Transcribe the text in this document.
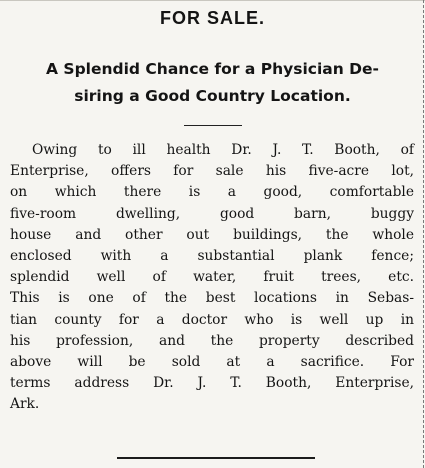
FOR SALE.
A Splendid Chance for a Physician De-
siring a Good Country Location.
Owing to ill health Dr. J. T. Booth, of
Enterprise, offers for sale his five-acre lot,
on which there is a good, comfortable
five-room dwelling, good barn, buggy
house and other out buildings, the whole
enclosed with a substantial plank fence;
splendid well of water, fruit trees, etc.
This is one of the best locations in Sebas-
tian county for a doctor who is well up in
his profession, and the property described
above will be sold at a sacrifice. For
terms address Dr. J. T. Booth, Enterprise,
Ark.
